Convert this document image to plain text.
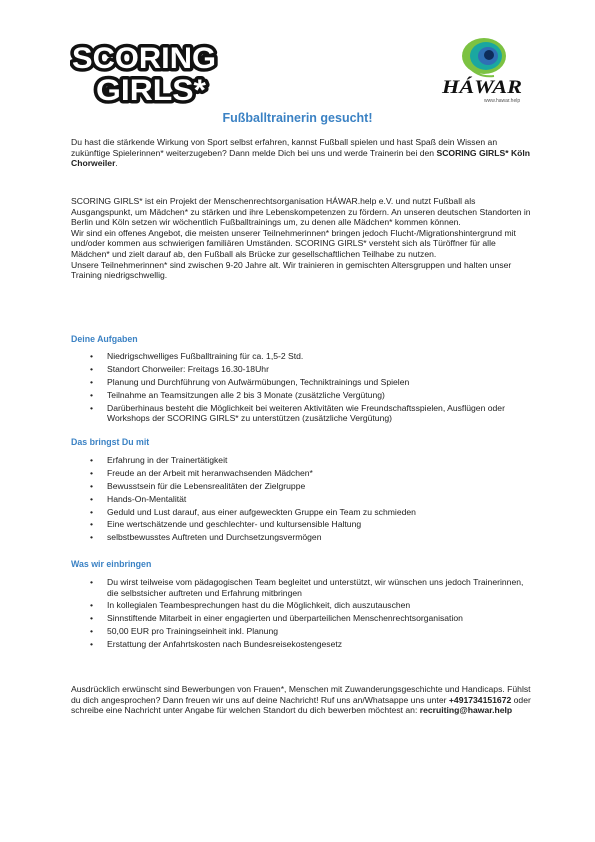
SCORING
GIRLS*	HÁWAR
www.hawar.help
Fußballtrainerin gesucht!

Du hast die stärkende Wirkung von Sport selbst erfahren, kannst Fußball spielen und hast Spaß dein Wissen an zukünftige Spielerinnen* weiterzugeben? Dann melde Dich bei uns und werde Trainerin bei den SCORING GIRLS* Köln Chorweiler.

SCORING GIRLS* ist ein Projekt der Menschenrechtsorganisation HÁWAR.help e.V. und nutzt Fußball als Ausgangspunkt, um Mädchen* zu stärken und ihre Lebenskompetenzen zu fördern. An unseren deutschen Standorten in Berlin und Köln setzen wir wöchentlich Fußballtrainings um, zu denen alle Mädchen* kommen können.

Wir sind ein offenes Angebot, die meisten unserer Teilnehmerinnen* bringen jedoch Flucht-/Migrationshintergrund mit und/oder kommen aus schwierigen familiären Umständen. SCORING GIRLS* versteht sich als Türöffner für alle Mädchen* und zielt darauf ab, den Fußball als Brücke zur gesellschaftlichen Teilhabe zu nutzen.

Unsere Teilnehmerinnen* sind zwischen 9-20 Jahre alt. Wir trainieren in gemischten Altersgruppen und halten unser Training niedrigschwellig.

Deine Aufgaben
• Niedrigschwelliges Fußballtraining für ca. 1,5-2 Std.
• Standort Chorweiler: Freitags 16.30-18Uhr
• Planung und Durchführung von Aufwärmübungen, Techniktrainings und Spielen
• Teilnahme an Teamsitzungen alle 2 bis 3 Monate (zusätzliche Vergütung)
• Darüberhinaus besteht die Möglichkeit bei weiteren Aktivitäten wie Freundschaftsspielen, Ausflügen oder Workshops der SCORING GIRLS* zu unterstützen (zusätzliche Vergütung)
Das bringst Du mit
• Erfahrung in der Trainertätigkeit
• Freude an der Arbeit mit heranwachsenden Mädchen*
• Bewusstsein für die Lebensrealitäten der Zielgruppe
• Hands-On-Mentalität
• Geduld und Lust darauf, aus einer aufgeweckten Gruppe ein Team zu schmieden
• Eine wertschätzende und geschlechter- und kultursensible Haltung
• selbstbewusstes Auftreten und Durchsetzungsvermögen
Was wir einbringen
• Du wirst teilweise vom pädagogischen Team begleitet und unterstützt, wir wünschen uns jedoch Trainerinnen, die selbstsicher auftreten und Erfahrung mitbringen
• In kollegialen Teambesprechungen hast du die Möglichkeit, dich auszutauschen
• Sinnstiftende Mitarbeit in einer engagierten und überparteilichen Menschenrechtsorganisation
• 50,00 EUR pro Trainingseinheit inkl. Planung
• Erstattung der Anfahrtskosten nach Bundesreisekostengesetz

Ausdrücklich erwünscht sind Bewerbungen von Frauen*, Menschen mit Zuwanderungsgeschichte und Handicaps. Fühlst du dich angesprochen? Dann freuen wir uns auf deine Nachricht! Ruf uns an/Whatsappe uns unter +491734151672 oder schreibe eine Nachricht unter Angabe für welchen Standort du dich bewerben möchtest an: recruiting@hawar.help
